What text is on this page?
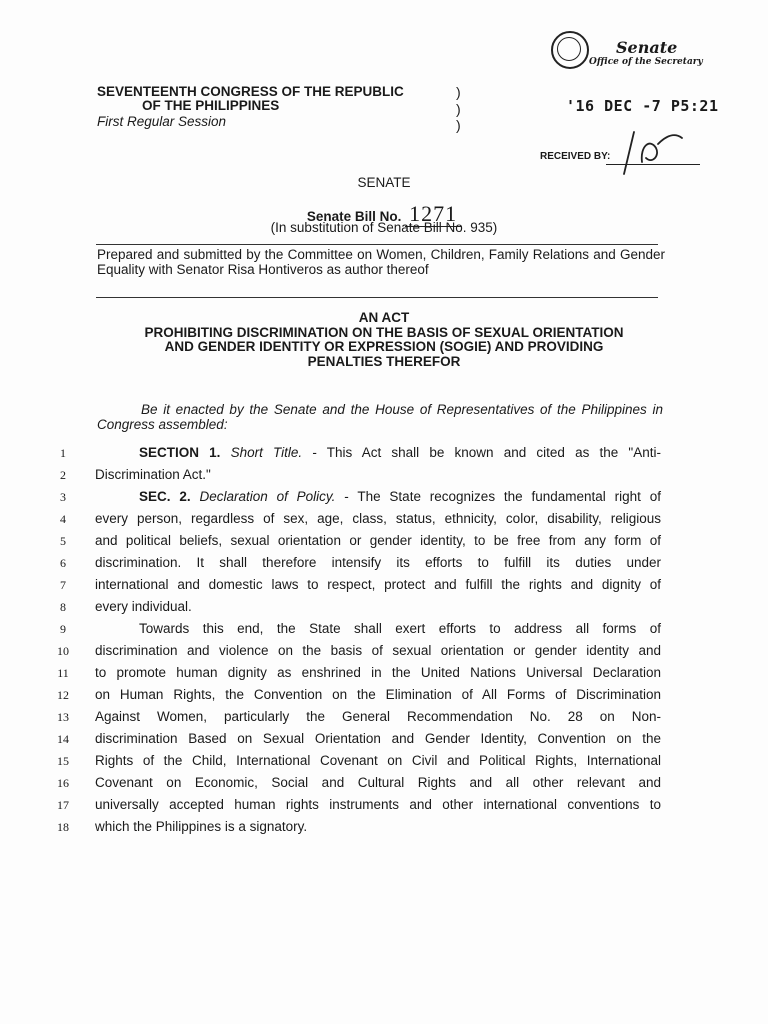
Senate
Office of the Secretary
'16 DEC -7 P5:21
RECEIVED BY:
SEVENTEENTH CONGRESS OF THE REPUBLIC
OF THE PHILIPPINES
First Regular Session
)
)
)
SENATE
Senate Bill No. 1271
(In substitution of Senate Bill No. 935)
Prepared and submitted by the Committee on Women, Children, Family Relations and Gender Equality with Senator Risa Hontiveros as author thereof
AN ACT
PROHIBITING DISCRIMINATION ON THE BASIS OF SEXUAL ORIENTATION
AND GENDER IDENTITY OR EXPRESSION (SOGIE) AND PROVIDING
PENALTIES THEREFOR
Be it enacted by the Senate and the House of Representatives of the Philippines in Congress assembled:
1	SECTION 1. Short Title. - This Act shall be known and cited as the "Anti-
2	Discrimination Act."
3	SEC. 2. Declaration of Policy. - The State recognizes the fundamental right of
4	every person, regardless of sex, age, class, status, ethnicity, color, disability, religious
5	and political beliefs, sexual orientation or gender identity, to be free from any form of
6	discrimination. It shall therefore intensify its efforts to fulfill its duties under
7	international and domestic laws to respect, protect and fulfill the rights and dignity of
8	every individual.
9	Towards this end, the State shall exert efforts to address all forms of
10	discrimination and violence on the basis of sexual orientation or gender identity and
11	to promote human dignity as enshrined in the United Nations Universal Declaration
12	on Human Rights, the Convention on the Elimination of All Forms of Discrimination
13	Against Women, particularly the General Recommendation No. 28 on Non-
14	discrimination Based on Sexual Orientation and Gender Identity, Convention on the
15	Rights of the Child, International Covenant on Civil and Political Rights, International
16	Covenant on Economic, Social and Cultural Rights and all other relevant and
17	universally accepted human rights instruments and other international conventions to
18	which the Philippines is a signatory.
